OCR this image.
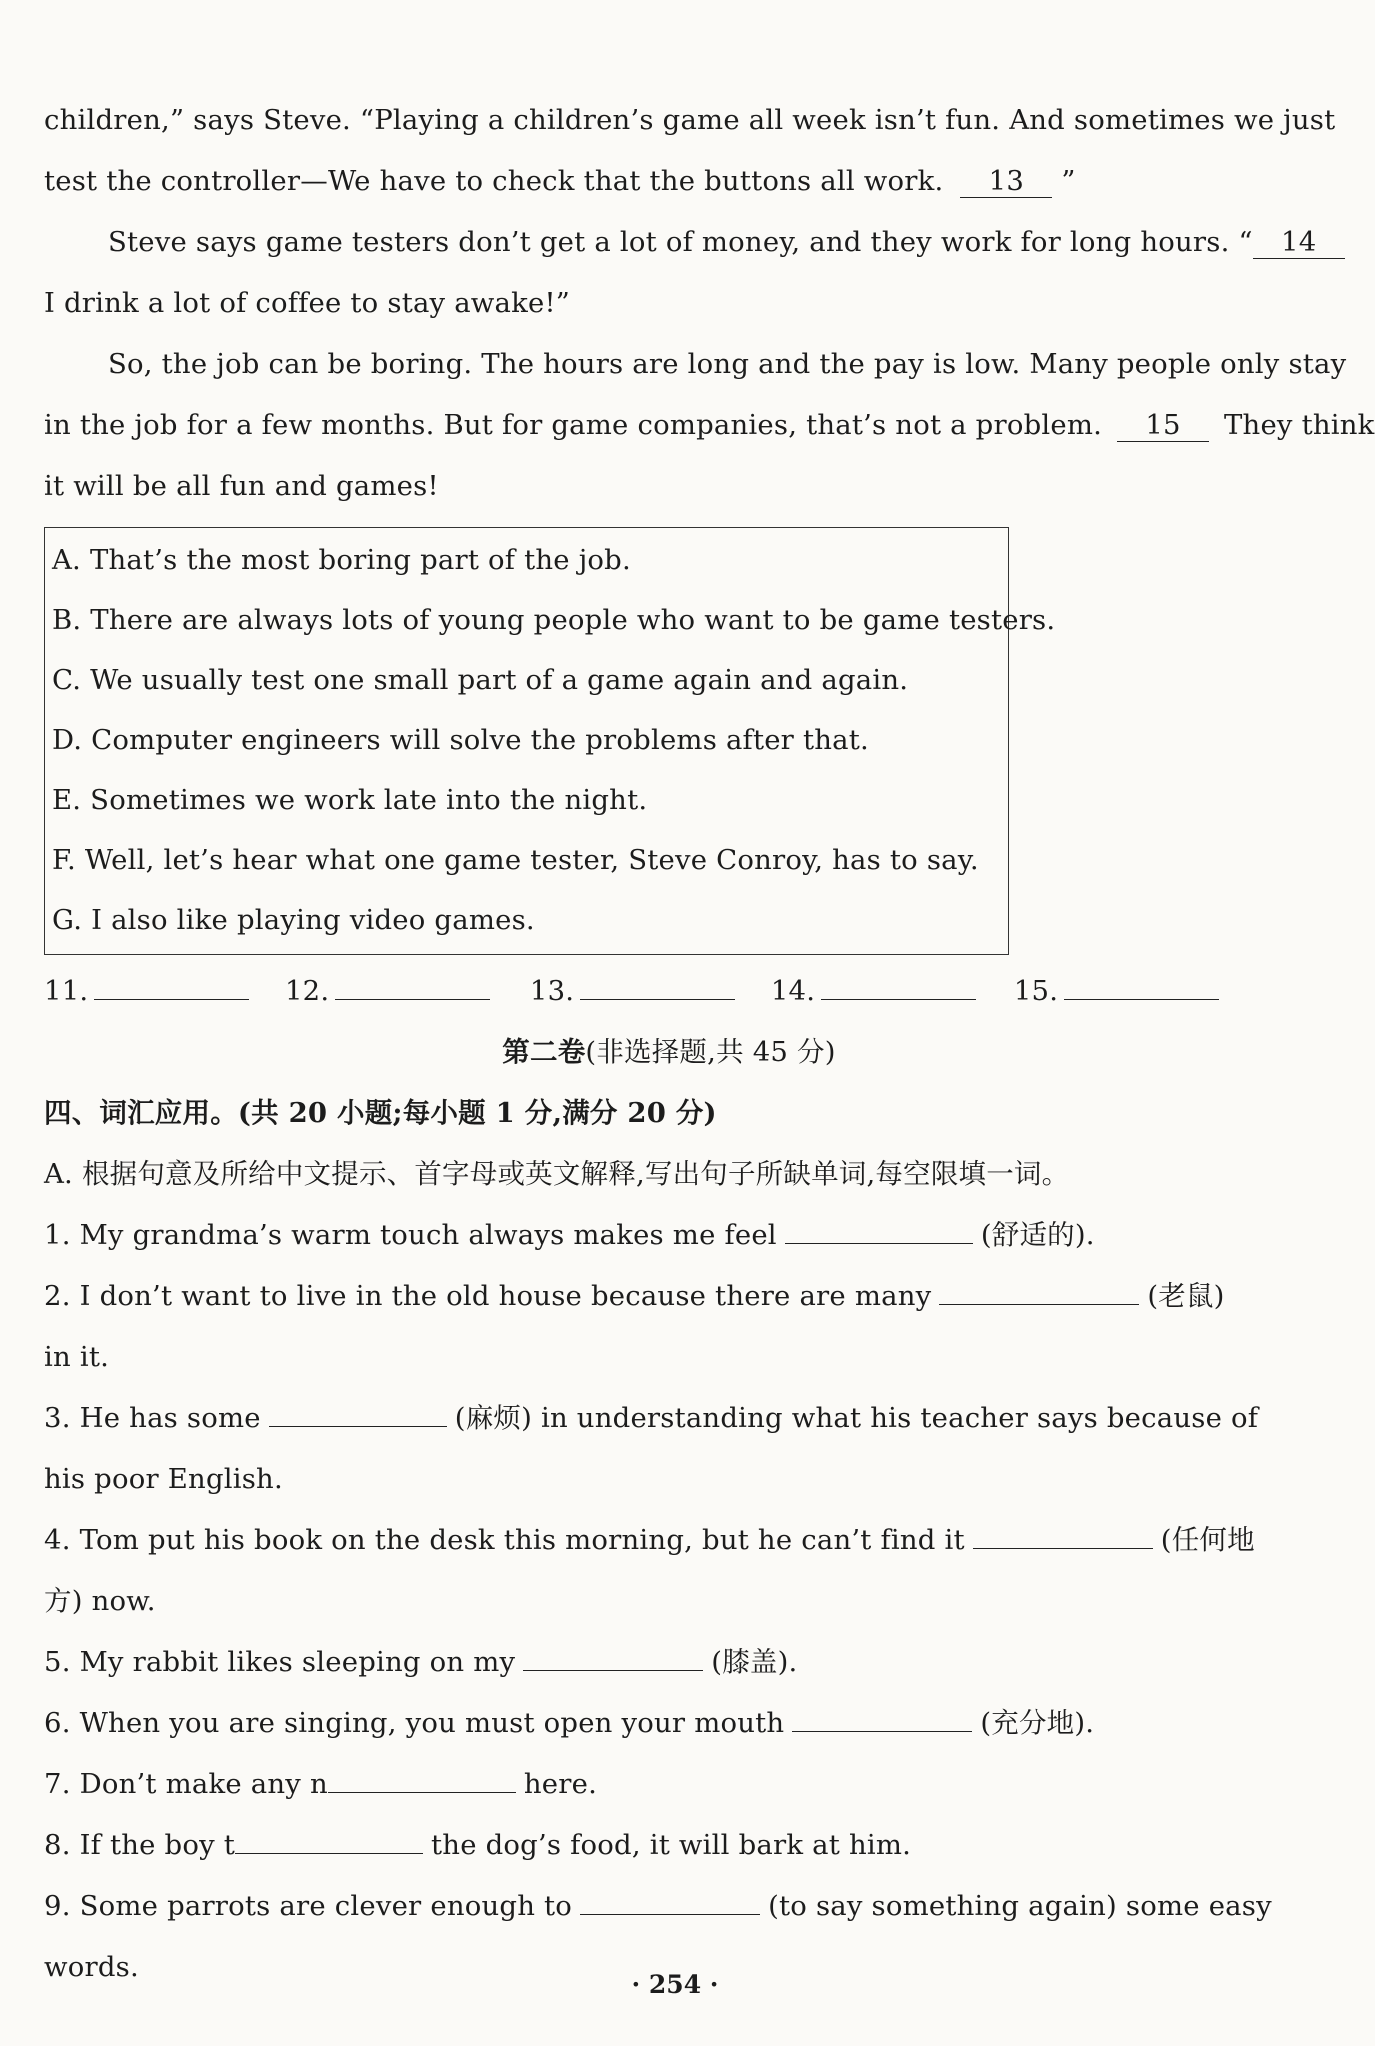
children,” says Steve. “Playing a children’s game all week isn’t fun. And sometimes we just
test the controller—We have to check that the buttons all work. 13 ”
Steve says game testers don’t get a lot of money, and they work for long hours. “ 14
I drink a lot of coffee to stay awake!”
So, the job can be boring. The hours are long and the pay is low. Many people only stay
in the job for a few months. But for game companies, that’s not a problem. 15 They think
it will be all fun and games!
A. That’s the most boring part of the job.
B. There are always lots of young people who want to be game testers.
C. We usually test one small part of a game again and again.
D. Computer engineers will solve the problems after that.
E. Sometimes we work late into the night.
F. Well, let’s hear what one game tester, Steve Conroy, has to say.
G. I also like playing video games.
11.	12.	13.	14.	15.
第二卷(非选择题,共 45 分)
四、词汇应用。(共 20 小题;每小题 1 分,满分 20 分)
A. 根据句意及所给中文提示、首字母或英文解释,写出句子所缺单词,每空限填一词。
1. My grandma’s warm touch always makes me feel	(舒适的).
2. I don’t want to live in the old house because there are many	(老鼠)
in it.
3. He has some	(麻烦) in understanding what his teacher says because of
his poor English.
4. Tom put his book on the desk this morning, but he can’t find it	(任何地
方) now.
5. My rabbit likes sleeping on my	(膝盖).
6. When you are singing, you must open your mouth	(充分地).
7. Don’t make any n	here.
8. If the boy t	the dog’s food, it will bark at him.
9. Some parrots are clever enough to	(to say something again) some easy
words.
· 254 ·
